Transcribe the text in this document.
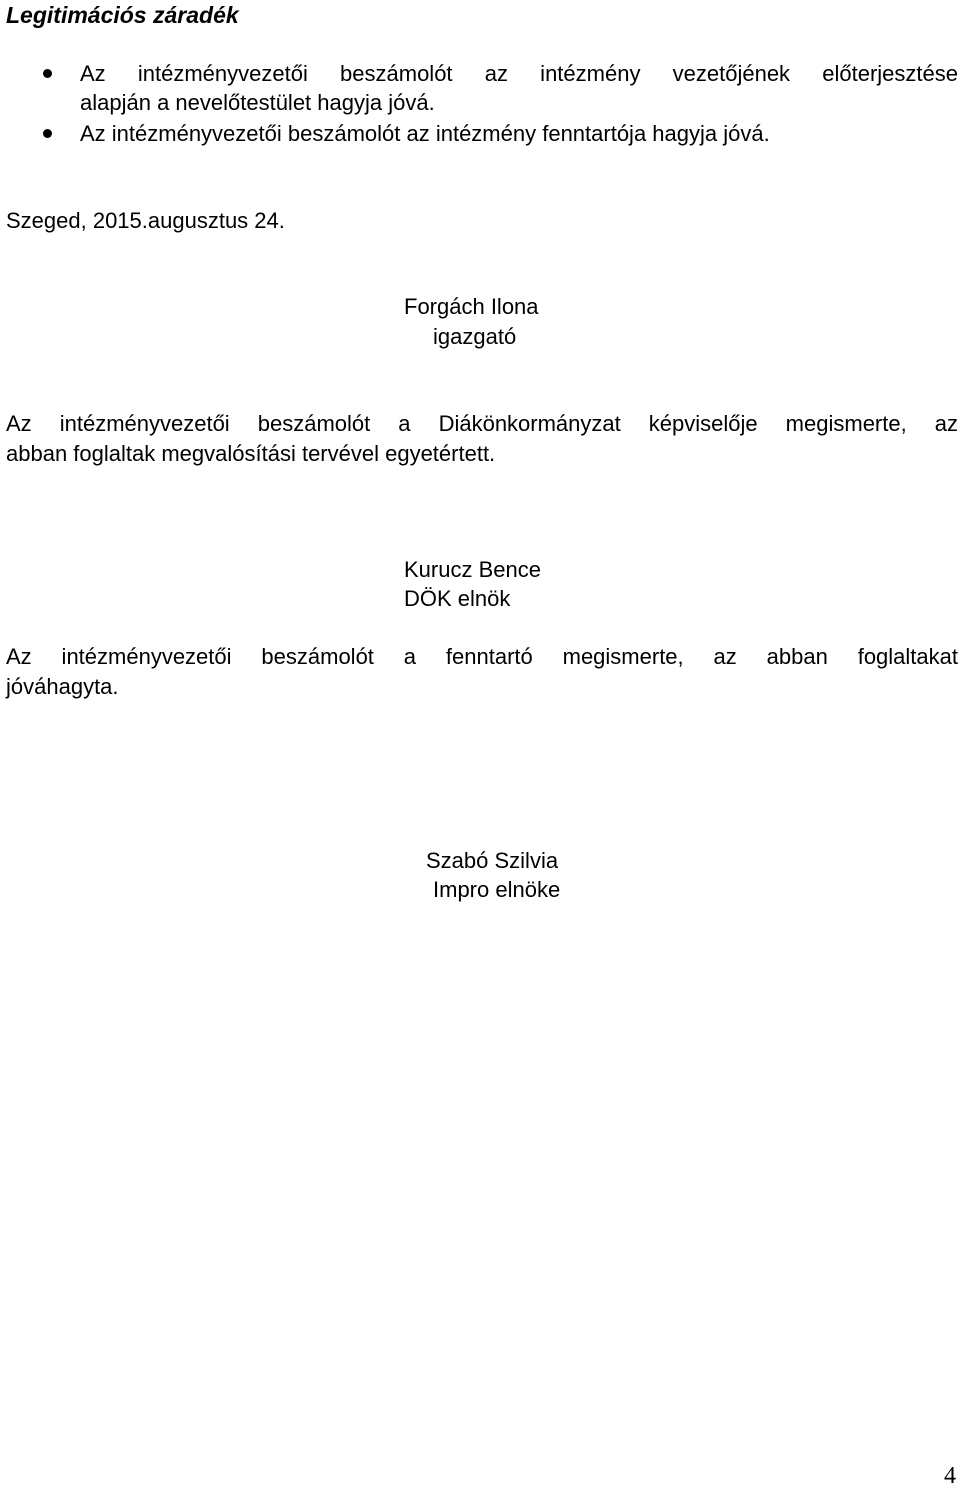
Legitimációs záradék
Az intézményvezetői beszámolót az intézmény vezetőjének előterjesztése
alapján a nevelőtestület hagyja jóvá.
Az intézményvezetői beszámolót az intézmény fenntartója hagyja jóvá.
Szeged, 2015.augusztus 24.
Forgách Ilona
igazgató
Az intézményvezetői beszámolót a Diákönkormányzat képviselője megismerte, az
abban foglaltak megvalósítási tervével egyetértett.
Kurucz Bence
DÖK elnök
Az intézményvezetői beszámolót a fenntartó megismerte, az abban foglaltakat
jóváhagyta.
Szabó Szilvia
Impro elnöke
4
